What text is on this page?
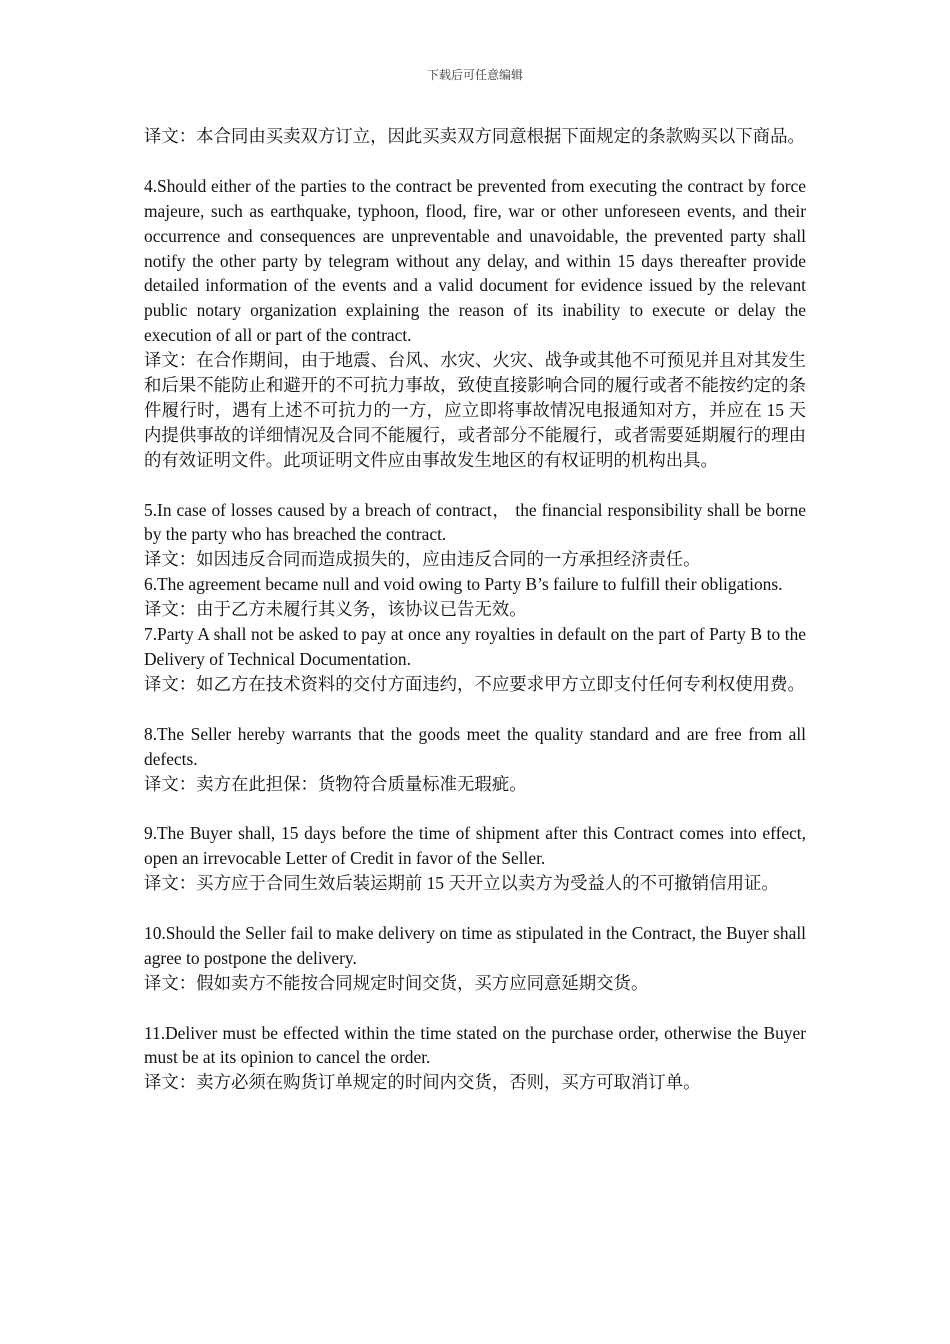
下载后可任意编辑

译文：本合同由买卖双方订立，因此买卖双方同意根据下面规定的条款购买以下商品。

4.Should either of the parties to the contract be prevented from executing the contract by force majeure, such as earthquake, typhoon, flood, fire, war or other unforeseen events, and their occurrence and consequences are unpreventable and unavoidable, the prevented party shall notify the other party by telegram without any delay, and within 15 days thereafter provide detailed information of the events and a valid document for evidence issued by the relevant public notary organization explaining the reason of its inability to execute or delay the execution of all or part of the contract.

译文：在合作期间，由于地震、台风、水灾、火灾、战争或其他不可预见并且对其发生和后果不能防止和避开的不可抗力事故，致使直接影响合同的履行或者不能按约定的条件履行时，遇有上述不可抗力的一方，应立即将事故情况电报通知对方，并应在 15 天内提供事故的详细情况及合同不能履行，或者部分不能履行，或者需要延期履行的理由的有效证明文件。此项证明文件应由事故发生地区的有权证明的机构出具。

5.In case of losses caused by a breach of contract， the financial responsibility shall be borne by the party who has breached the contract.

译文：如因违反合同而造成损失的，应由违反合同的一方承担经济责任。

6.The agreement became null and void owing to Party B’s failure to fulfill their obligations.

译文：由于乙方未履行其义务，该协议已告无效。

7.Party A shall not be asked to pay at once any royalties in default on the part of Party B to the Delivery of Technical Documentation.

译文：如乙方在技术资料的交付方面违约，不应要求甲方立即支付任何专利权使用费。

8.The Seller hereby warrants that the goods meet the quality standard and are free from all defects.

译文：卖方在此担保：货物符合质量标准无瑕疵。

9.The Buyer shall, 15 days before the time of shipment after this Contract comes into effect, open an irrevocable Letter of Credit in favor of the Seller.

译文：买方应于合同生效后装运期前 15 天开立以卖方为受益人的不可撤销信用证。

10.Should the Seller fail to make delivery on time as stipulated in the Contract, the Buyer shall agree to postpone the delivery.

译文：假如卖方不能按合同规定时间交货，买方应同意延期交货。

11.Deliver must be effected within the time stated on the purchase order, otherwise the Buyer must be at its opinion to cancel the order.

译文：卖方必须在购货订单规定的时间内交货，否则，买方可取消订单。
